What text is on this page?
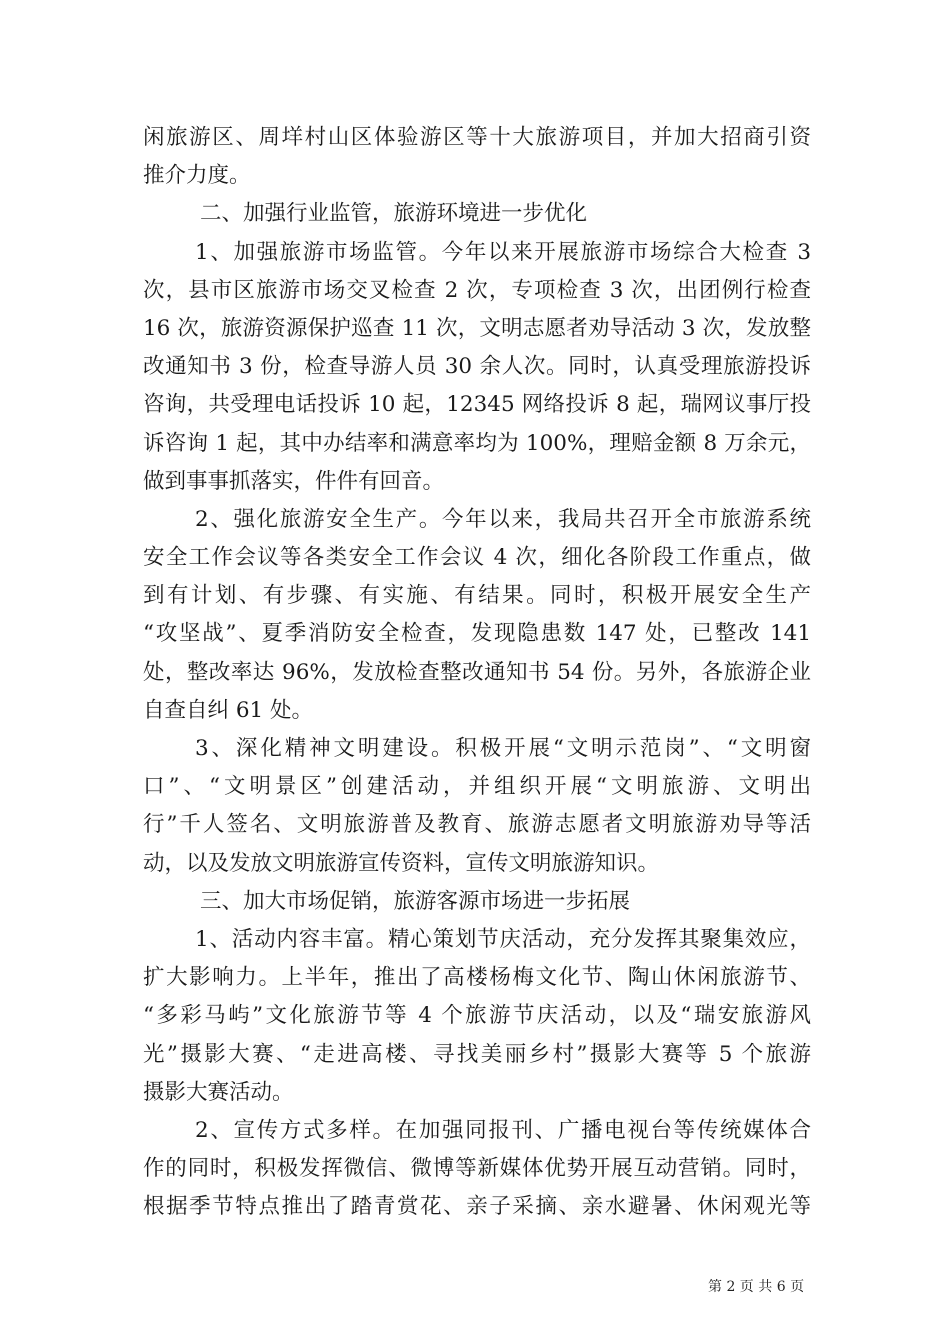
闲旅游区、周垟村山区体验游区等十大旅游项目，并加大招商引资
推介力度。
二、加强行业监管，旅游环境进一步优化
1、加强旅游市场监管。今年以来开展旅游市场综合大检查 3
次，县市区旅游市场交叉检查 2 次，专项检查 3 次，出团例行检查
16 次，旅游资源保护巡查 11 次，文明志愿者劝导活动 3 次，发放整
改通知书 3 份，检查导游人员 30 余人次。同时，认真受理旅游投诉
咨询，共受理电话投诉 10 起，12345 网络投诉 8 起，瑞网议事厅投
诉咨询 1 起，其中办结率和满意率均为 100%，理赔金额 8 万余元，
做到事事抓落实，件件有回音。
2、强化旅游安全生产。今年以来，我局共召开全市旅游系统
安全工作会议等各类安全工作会议 4 次，细化各阶段工作重点，做
到有计划、有步骤、有实施、有结果。同时，积极开展安全生产
“攻坚战”、夏季消防安全检查，发现隐患数 147 处，已整改 141
处，整改率达 96%，发放检查整改通知书 54 份。另外，各旅游企业
自查自纠 61 处。
3、深化精神文明建设。积极开展“文明示范岗”、“文明窗
口”、“文明景区”创建活动，并组织开展“文明旅游、文明出
行”千人签名、文明旅游普及教育、旅游志愿者文明旅游劝导等活
动，以及发放文明旅游宣传资料，宣传文明旅游知识。
三、加大市场促销，旅游客源市场进一步拓展
1、活动内容丰富。精心策划节庆活动，充分发挥其聚集效应，
扩大影响力。上半年，推出了高楼杨梅文化节、陶山休闲旅游节、
“多彩马屿”文化旅游节等 4 个旅游节庆活动，以及“瑞安旅游风
光”摄影大赛、“走进高楼、寻找美丽乡村”摄影大赛等 5 个旅游
摄影大赛活动。
2、宣传方式多样。在加强同报刊、广播电视台等传统媒体合
作的同时，积极发挥微信、微博等新媒体优势开展互动营销。同时，
根据季节特点推出了踏青赏花、亲子采摘、亲水避暑、休闲观光等
第 2 页 共 6 页
